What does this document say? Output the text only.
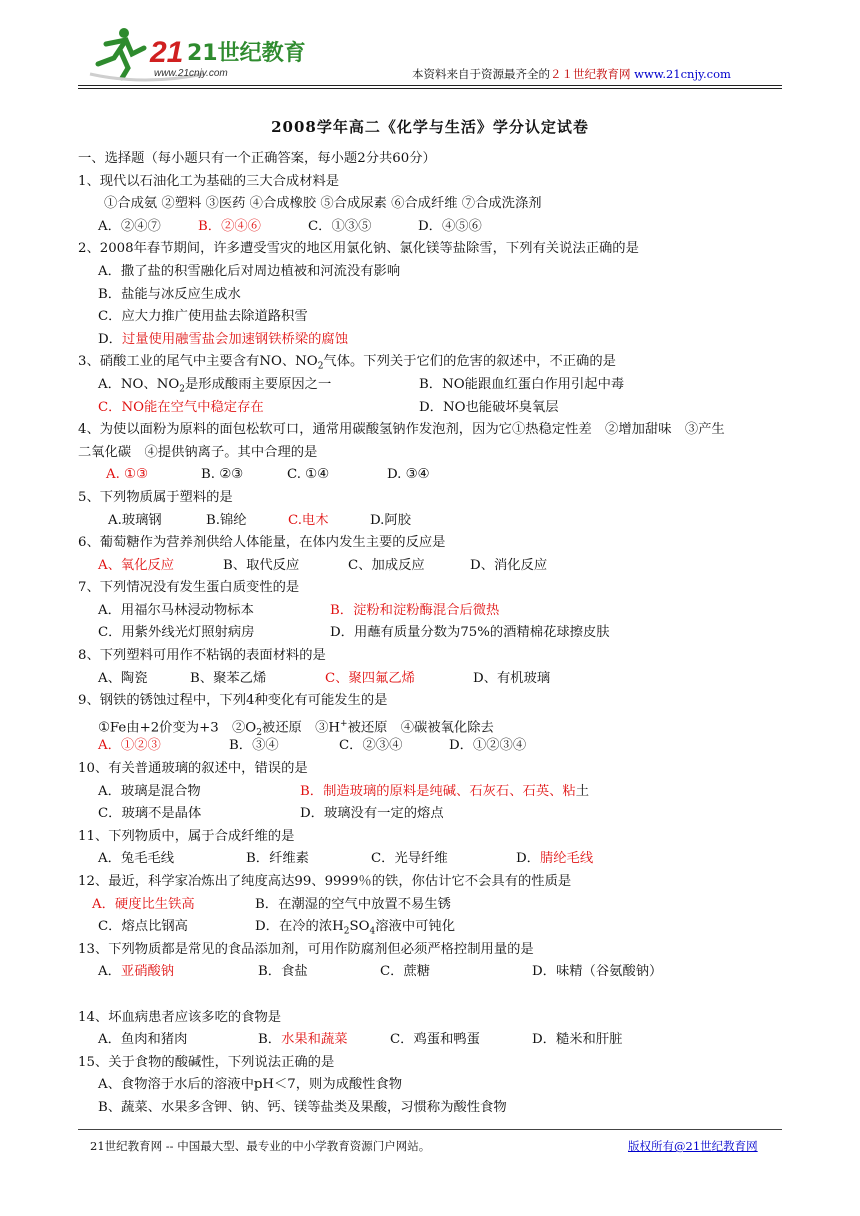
21 21世纪教育
www.21cnjy.com	本资料来自于资源最齐全的２１世纪教育网 www.21cnjy.com
2008学年高二《化学与生活》学分认定试卷
一、选择题（每小题只有一个正确答案，每小题2分共60分）
1、现代以石油化工为基础的三大合成材料是
①合成氨 ②塑料 ③医药 ④合成橡胶 ⑤合成尿素 ⑥合成纤维 ⑦合成洗涤剂
A．②④⑦	B．②④⑥	C．①③⑤	D．④⑤⑥
2、2008年春节期间，许多遭受雪灾的地区用氯化钠、氯化镁等盐除雪，下列有关说法正确的是
A．撒了盐的积雪融化后对周边植被和河流没有影响
B．盐能与冰反应生成水
C．应大力推广使用盐去除道路积雪
D．过量使用融雪盐会加速钢铁桥梁的腐蚀
3、硝酸工业的尾气中主要含有NO、$NO_2$气体。下列关于它们的危害的叙述中，不正确的是
A．NO、$NO_2$是形成酸雨主要原因之一	B．NO能跟血红蛋白作用引起中毒
C．NO能在空气中稳定存在	D．NO也能破坏臭氧层
4、为使以面粉为原料的面包松软可口，通常用碳酸氢钠作发泡剂，因为它①热稳定性差　②增加甜味　③产生
二氧化碳　④提供钠离子。其中合理的是
A. ①③	B. ②③	C. ①④	D. ③④
5、下列物质属于塑料的是
A.玻璃钢	B.锦纶	C.电木	D.阿胶
6、葡萄糖作为营养剂供给人体能量，在体内发生主要的反应是
A、氧化反应	B、取代反应	C、加成反应	D、消化反应
7、下列情况没有发生蛋白质变性的是
A．用福尔马林浸动物标本	B．淀粉和淀粉酶混合后微热
C．用紫外线光灯照射病房	D．用蘸有质量分数为75%的酒精棉花球擦皮肤
8、下列塑料可用作不粘锅的表面材料的是
A、陶瓷	B、聚苯乙烯	C、聚四氟乙烯	D、有机玻璃
9、钢铁的锈蚀过程中，下列4种变化有可能发生的是
①Fe由+2价变为+3　$②O_2$被还原　③H+被还原　④碳被氧化除去
A．①②③	B．③④	C．②③④	D．①②③④
10、有关普通玻璃的叙述中，错误的是
A．玻璃是混合物	B．制造玻璃的原料是纯碱、石灰石、石英、粘土
C．玻璃不是晶体	D．玻璃没有一定的熔点
11、下列物质中，属于合成纤维的是
A．兔毛毛线	B．纤维素	C．光导纤维	D．腈纶毛线
12、最近，科学家冶炼出了纯度高达99、9999％的铁，你估计它不会具有的性质是
A．硬度比生铁高	B．在潮湿的空气中放置不易生锈
C．熔点比钢高	D．在冷的浓$H_2SO_4$溶液中可钝化
13、下列物质都是常见的食品添加剂，可用作防腐剂但必须严格控制用量的是
A．亚硝酸钠	B．食盐	C．蔗糖	D．味精（谷氨酸钠）
14、坏血病患者应该多吃的食物是
A．鱼肉和猪肉	B．水果和蔬菜	C．鸡蛋和鸭蛋	D．糙米和肝脏
15、关于食物的酸碱性，下列说法正确的是
A、食物溶于水后的溶液中pH＜7，则为成酸性食物
B、蔬菜、水果多含钾、钠、钙、镁等盐类及果酸，习惯称为酸性食物
21世纪教育网 -- 中国最大型、最专业的中小学教育资源门户网站。	版权所有@21世纪教育网
